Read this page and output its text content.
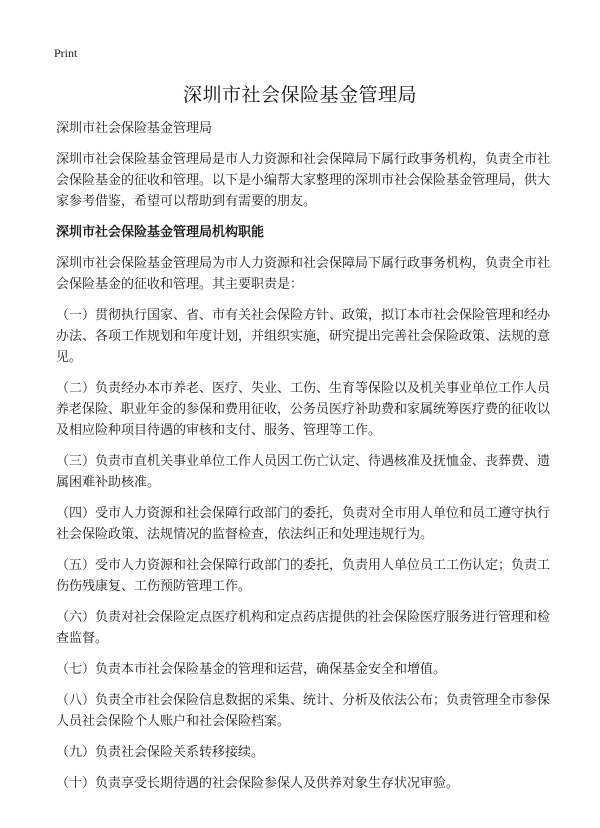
Print
深圳市社会保险基金管理局

深圳市社会保险基金管理局

深圳市社会保险基金管理局是市人力资源和社会保障局下属行政事务机构，负责全市社会保险基金的征收和管理。以下是小编帮大家整理的深圳市社会保险基金管理局，供大家参考借鉴，希望可以帮助到有需要的朋友。

深圳市社会保险基金管理局机构职能

深圳市社会保险基金管理局为市人力资源和社会保障局下属行政事务机构，负责全市社会保险基金的征收和管理。其主要职责是：

（一）贯彻执行国家、省、市有关社会保险方针、政策，拟订本市社会保险管理和经办办法、各项工作规划和年度计划，并组织实施，研究提出完善社会保险政策、法规的意见。

（二）负责经办本市养老、医疗、失业、工伤、生育等保险以及机关事业单位工作人员养老保险、职业年金的参保和费用征收，公务员医疗补助费和家属统筹医疗费的征收以及相应险种项目待遇的审核和支付、服务、管理等工作。

（三）负责市直机关事业单位工作人员因工伤亡认定、待遇核准及抚恤金、丧葬费、遗属困难补助核准。

（四）受市人力资源和社会保障行政部门的委托，负责对全市用人单位和员工遵守执行社会保险政策、法规情况的监督检查，依法纠正和处理违规行为。

（五）受市人力资源和社会保障行政部门的委托，负责用人单位员工工伤认定；负责工伤伤残康复、工伤预防管理工作。

（六）负责对社会保险定点医疗机构和定点药店提供的社会保险医疗服务进行管理和检查监督。

（七）负责本市社会保险基金的管理和运营，确保基金安全和增值。

（八）负责全市社会保险信息数据的采集、统计、分析及依法公布；负责管理全市参保人员社会保险个人账户和社会保险档案。

（九）负责社会保险关系转移接续。

（十）负责享受长期待遇的社会保险参保人及供养对象生存状况审验。
